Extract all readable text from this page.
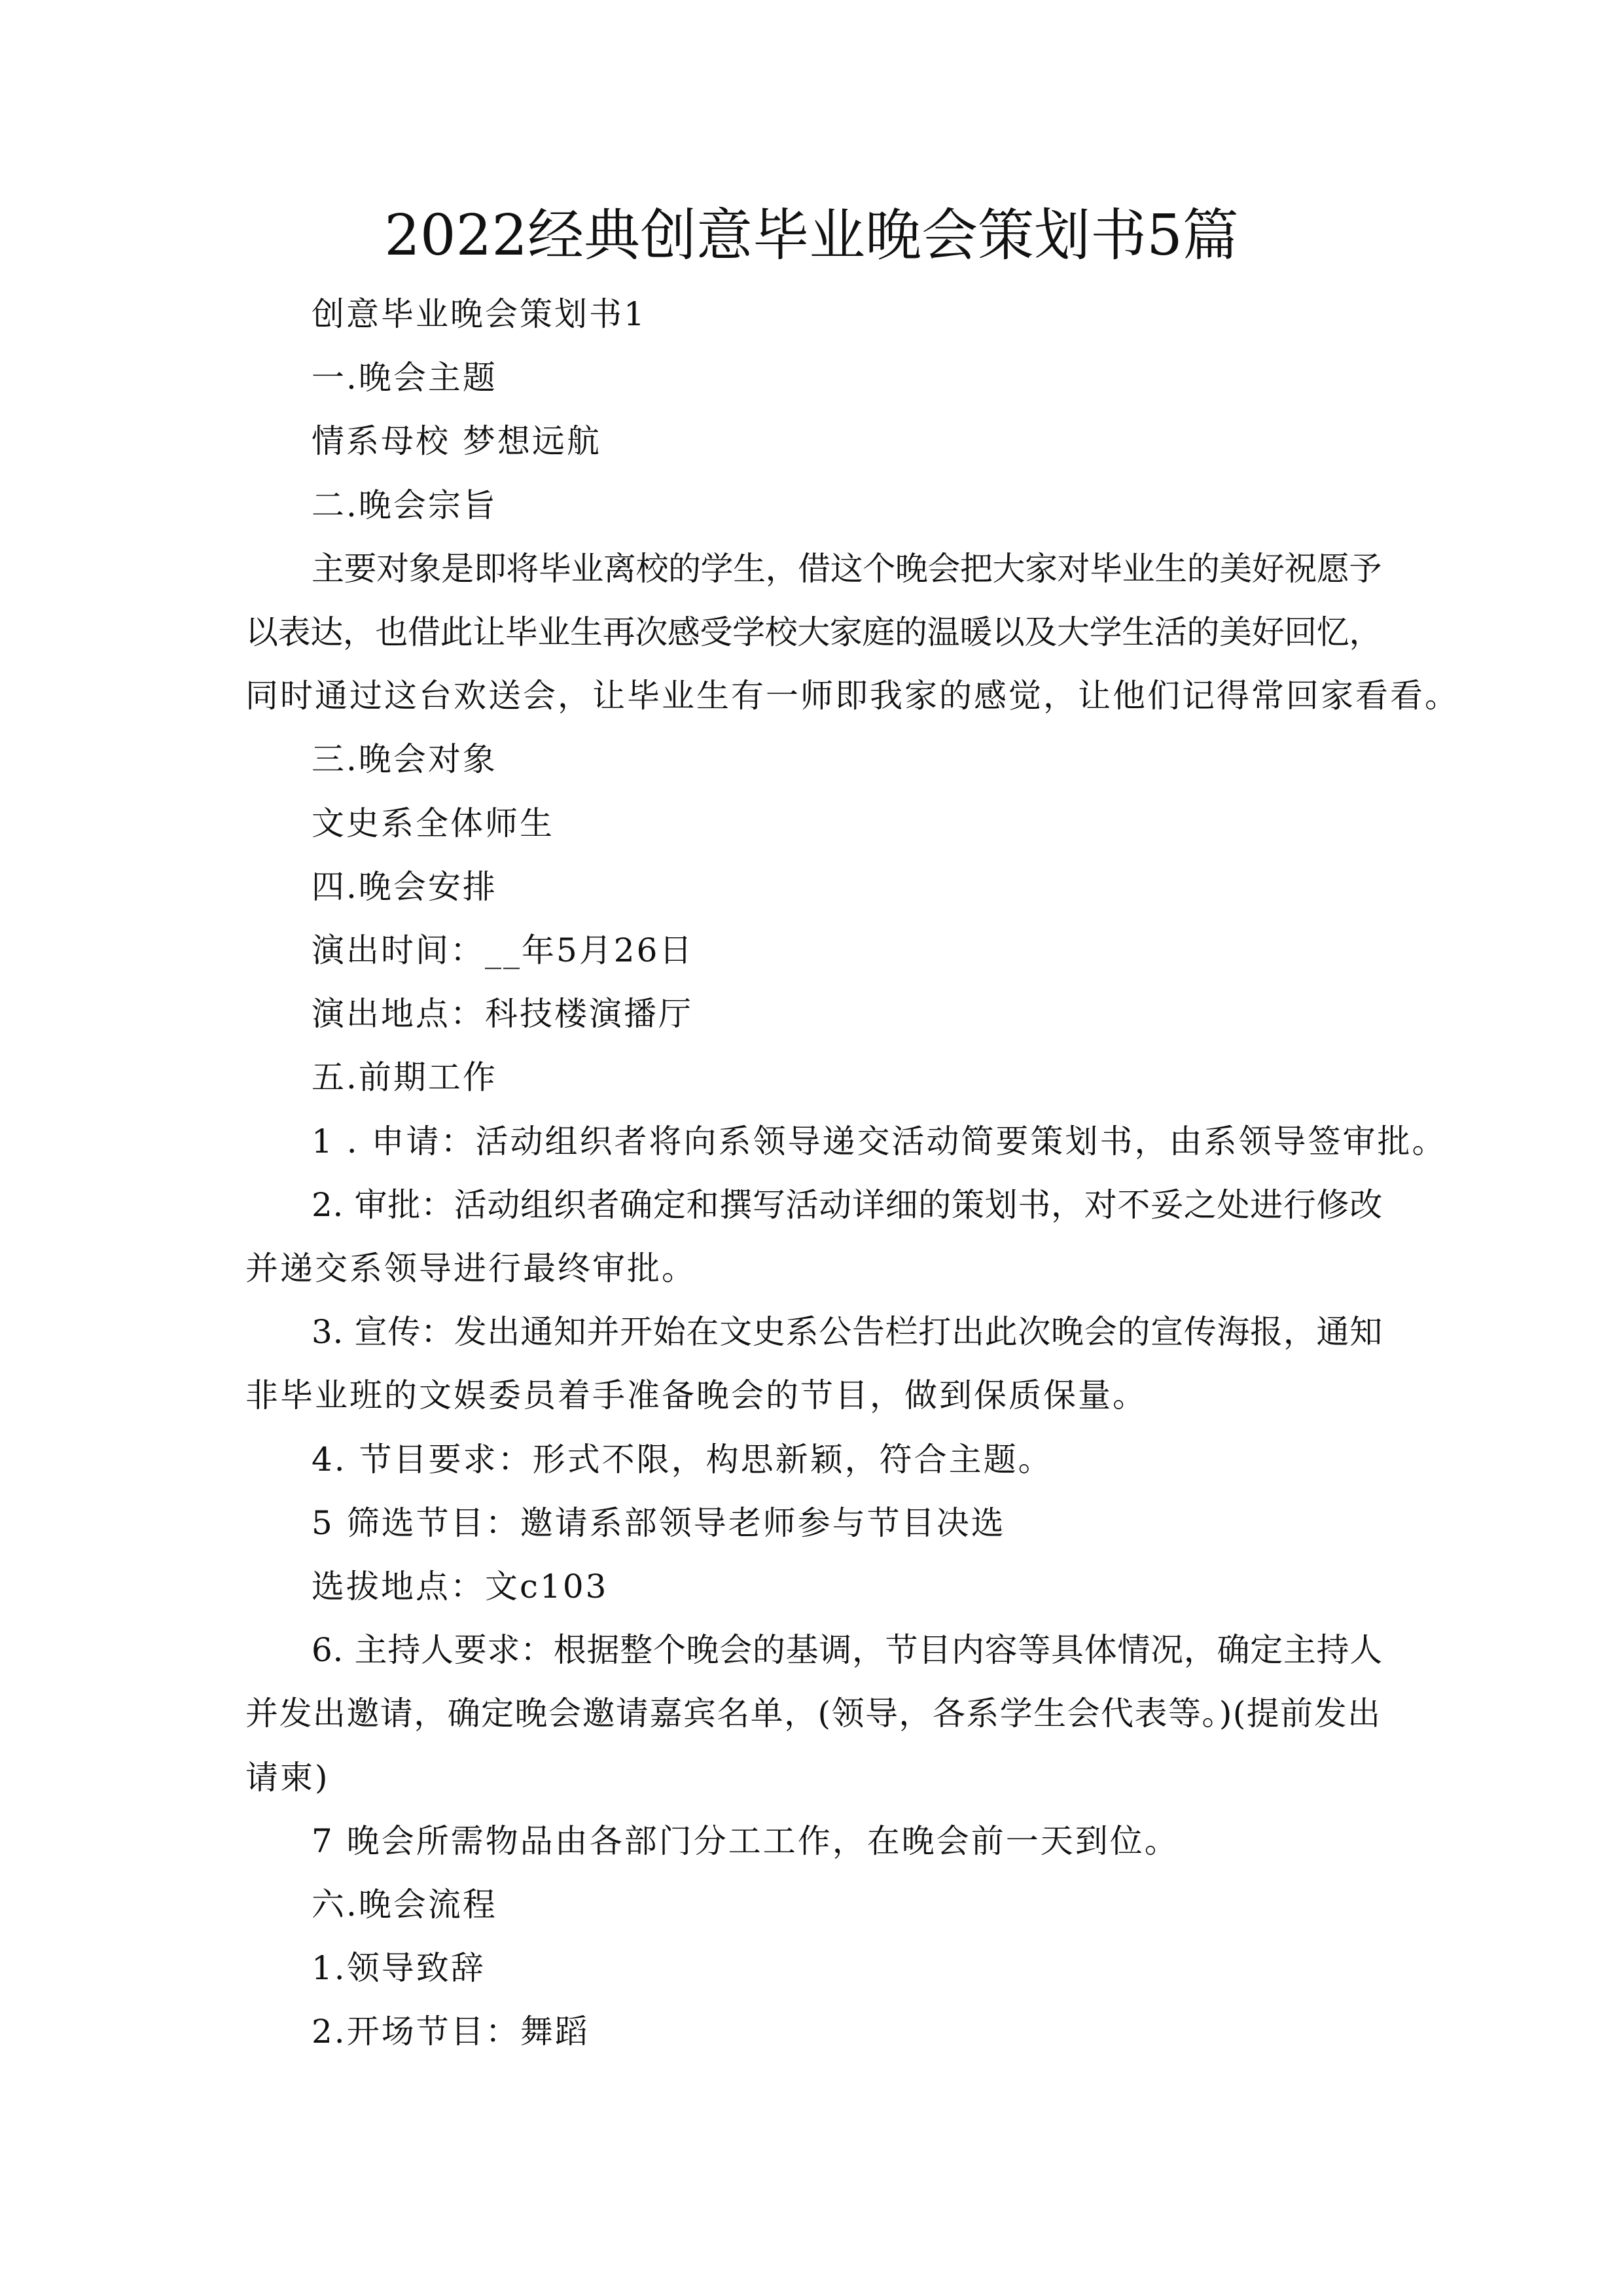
2022经典创意毕业晚会策划书5篇
创意毕业晚会策划书1
一.晚会主题
情系母校 梦想远航
二.晚会宗旨
主要对象是即将毕业离校的学生，借这个晚会把大家对毕业生的美好祝愿予
以表达，也借此让毕业生再次感受学校大家庭的温暖以及大学生活的美好回忆，
同时通过这台欢送会，让毕业生有一师即我家的感觉，让他们记得常回家看看。
三.晚会对象
文史系全体师生
四.晚会安排
演出时间：__年5月26日
演出地点：科技楼演播厅
五.前期工作
1 . 申请：活动组织者将向系领导递交活动简要策划书，由系领导签审批。
2. 审批：活动组织者确定和撰写活动详细的策划书，对不妥之处进行修改
并递交系领导进行最终审批。
3. 宣传：发出通知并开始在文史系公告栏打出此次晚会的宣传海报，通知
非毕业班的文娱委员着手准备晚会的节目，做到保质保量。
4. 节目要求：形式不限，构思新颖，符合主题。
5 筛选节目：邀请系部领导老师参与节目决选
选拔地点：文c103
6. 主持人要求：根据整个晚会的基调，节目内容等具体情况，确定主持人
并发出邀请，确定晚会邀请嘉宾名单，(领导，各系学生会代表等。)(提前发出
请柬)
7 晚会所需物品由各部门分工工作，在晚会前一天到位。
六.晚会流程
1.领导致辞
2.开场节目：舞蹈
